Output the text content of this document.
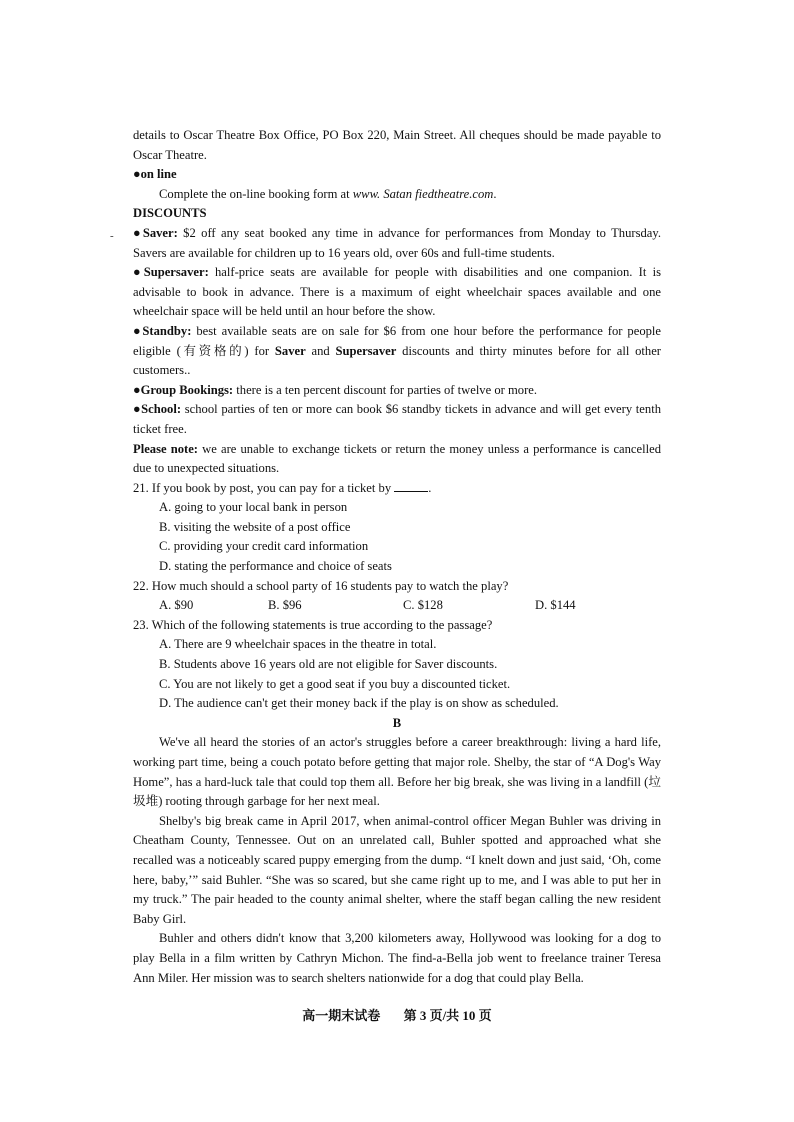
-

details to Oscar Theatre Box Office, PO Box 220, Main Street. All cheques should be made payable to Oscar Theatre.

●on line

Complete the on-line booking form at www. Satan fiedtheatre.com.

DISCOUNTS

●Saver: $2 off any seat booked any time in advance for performances from Monday to Thursday. Savers are available for children up to 16 years old, over 60s and full-time students.

●Supersaver: half-price seats are available for people with disabilities and one companion. It is advisable to book in advance. There is a maximum of eight wheelchair spaces available and one wheelchair space will be held until an hour before the show.

●Standby: best available seats are on sale for $6 from one hour before the performance for people eligible (有资格的) for Saver and Supersaver discounts and thirty minutes before for all other customers..

●Group Bookings: there is a ten percent discount for parties of twelve or more.

●School: school parties of ten or more can book $6 standby tickets in advance and will get every tenth ticket free.

Please note: we are unable to exchange tickets or return the money unless a performance is cancelled due to unexpected situations.

21. If you book by post, you can pay for a ticket by	.

A. going to your local bank in person

B. visiting the website of a post office

C. providing your credit card information

D. stating the performance and choice of seats

22. How much should a school party of 16 students pay to watch the play?

A. $90	B. $96	C. $128	D. $144

23. Which of the following statements is true according to the passage?

A. There are 9 wheelchair spaces in the theatre in total.

B. Students above 16 years old are not eligible for Saver discounts.

C. You are not likely to get a good seat if you buy a discounted ticket.

D. The audience can't get their money back if the play is on show as scheduled.

B

We've all heard the stories of an actor's struggles before a career breakthrough: living a hard life, working part time, being a couch potato before getting that major role. Shelby, the star of “A Dog's Way Home”, has a hard-luck tale that could top them all. Before her big break, she was living in a landfill (垃圾堆) rooting through garbage for her next meal.

Shelby's big break came in April 2017, when animal-control officer Megan Buhler was driving in Cheatham County, Tennessee. Out on an unrelated call, Buhler spotted and approached what she recalled was a noticeably scared puppy emerging from the dump. “I knelt down and just said, ‘Oh, come here, baby,’” said Buhler. “She was so scared, but she came right up to me, and I was able to put her in my truck.” The pair headed to the county animal shelter, where the staff began calling the new resident Baby Girl.

Buhler and others didn't know that 3,200 kilometers away, Hollywood was looking for a dog to play Bella in a film written by Cathryn Michon. The find-a-Bella job went to freelance trainer Teresa Ann Miler. Her mission was to search shelters nationwide for a dog that could play Bella.

高一期末试卷 第 3 页/共 10 页
